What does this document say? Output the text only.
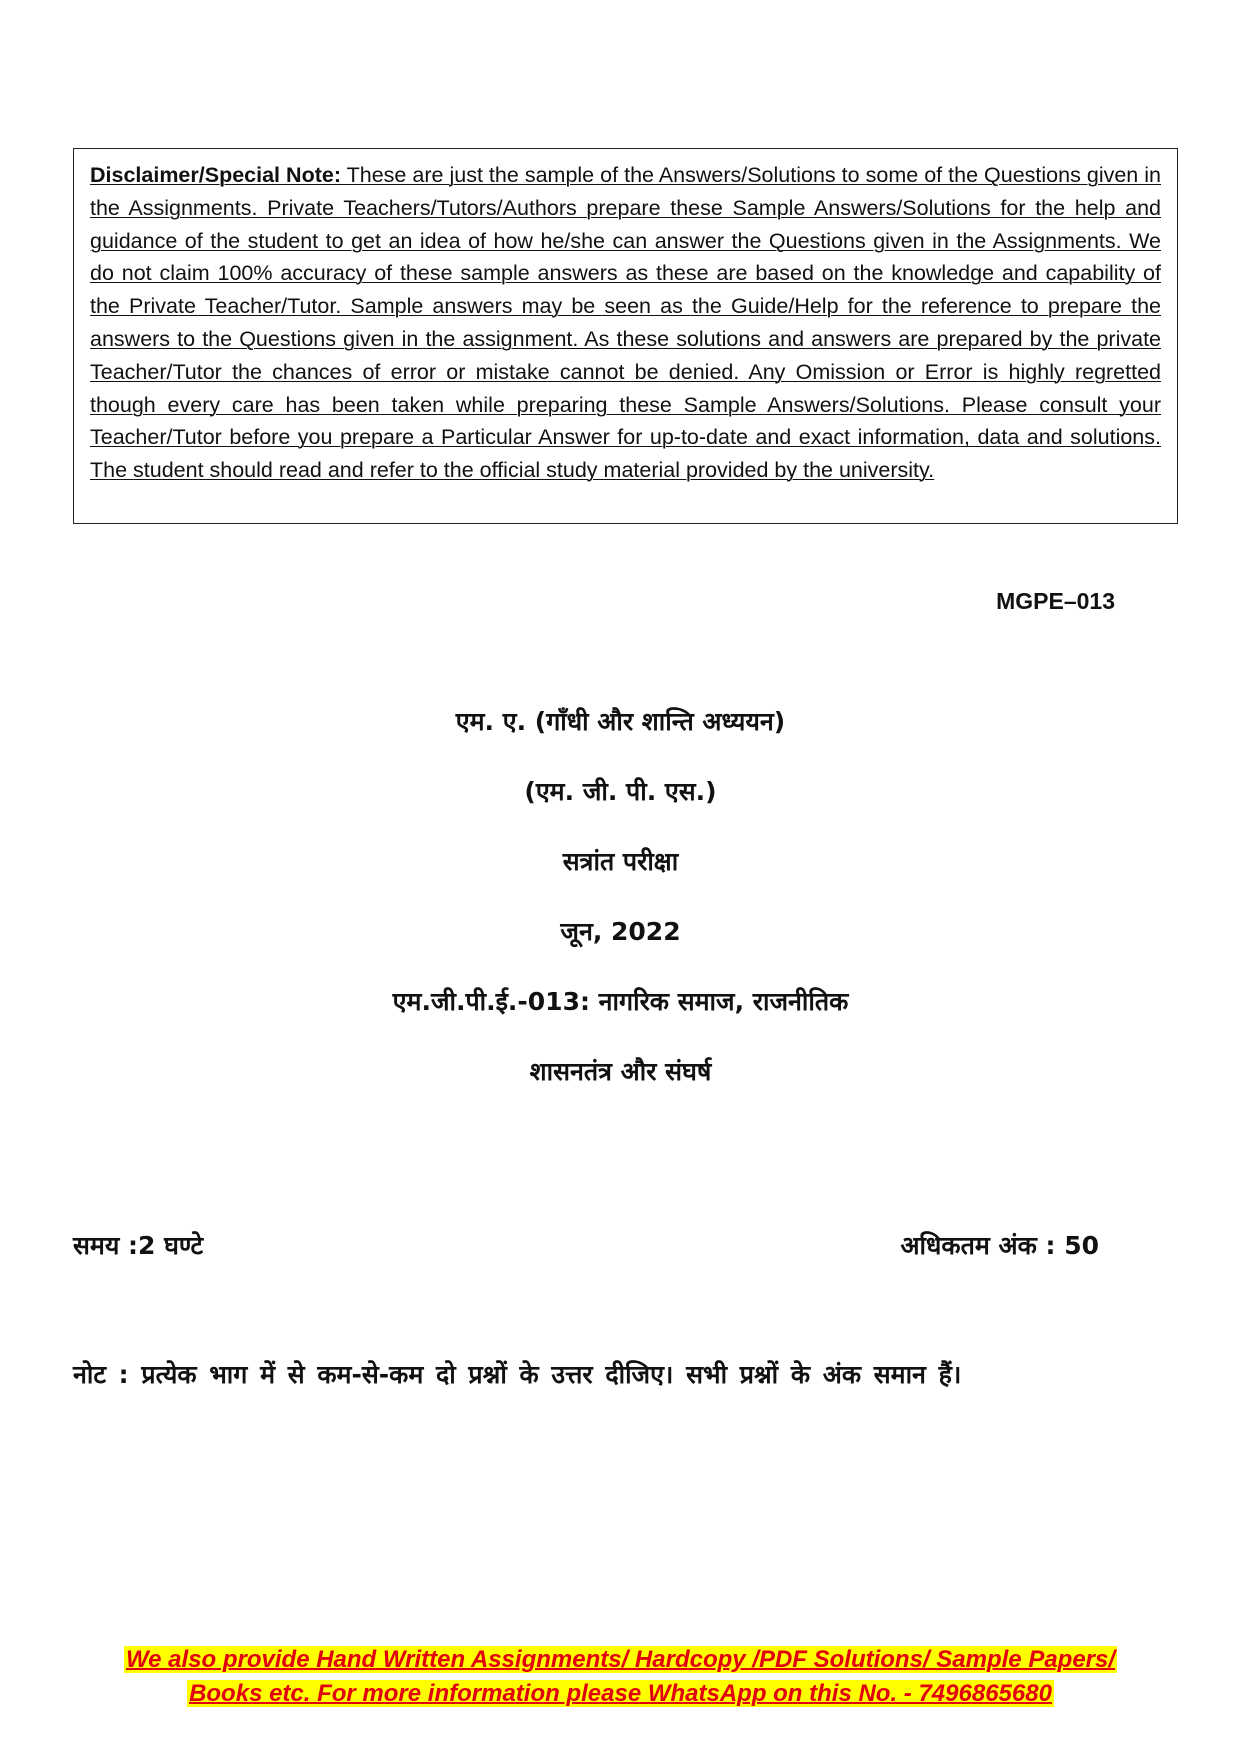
Disclaimer/Special Note: These are just the sample of the Answers/Solutions to some of the Questions given in the Assignments. Private Teachers/Tutors/Authors prepare these Sample Answers/Solutions for the help and guidance of the student to get an idea of how he/she can answer the Questions given in the Assignments. We do not claim 100% accuracy of these sample answers as these are based on the knowledge and capability of the Private Teacher/Tutor. Sample answers may be seen as the Guide/Help for the reference to prepare the answers to the Questions given in the assignment. As these solutions and answers are prepared by the private Teacher/Tutor the chances of error or mistake cannot be denied. Any Omission or Error is highly regretted though every care has been taken while preparing these Sample Answers/Solutions. Please consult your Teacher/Tutor before you prepare a Particular Answer for up-to-date and exact information, data and solutions. The student should read and refer to the official study material provided by the university.

MGPE–013
एम. ए. (गाँधी और शान्ति अध्ययन)
(एम. जी. पी. एस.)
सत्रांत परीक्षा
जून, 2022
एम.जी.पी.ई.-013: नागरिक समाज, राजनीतिक
शासनतंत्र और संघर्ष
समय :2 घण्टे	अधिकतम अंक : 50

नोट : प्रत्येक भाग में से कम-से-कम दो प्रश्नों के उत्तर दीजिए। सभी प्रश्नों के अंक समान हैं।

We also provide Hand Written Assignments/ Hardcopy /PDF Solutions/ Sample Papers/
Books etc. For more information please WhatsApp on this No. - 7496865680
